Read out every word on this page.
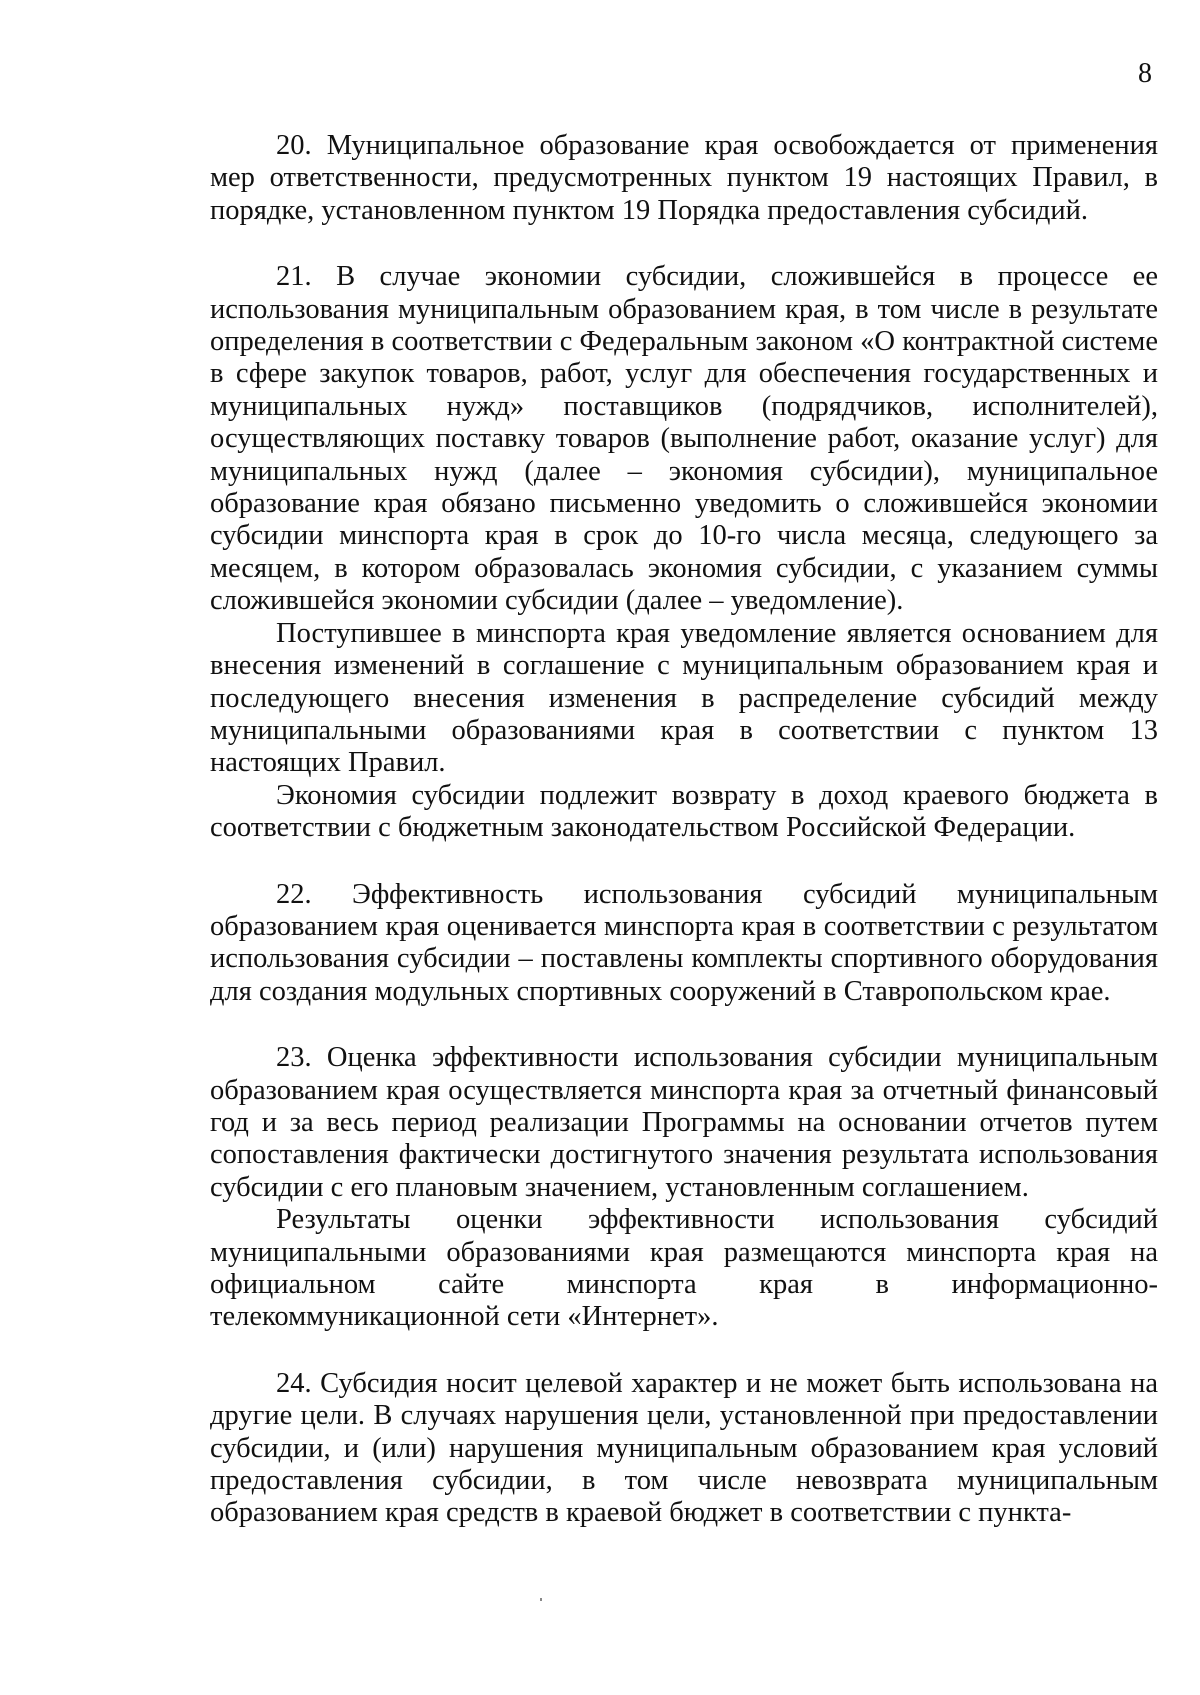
8

20. Муниципальное образование края освобождается от применения мер ответственности, предусмотренных пунктом 19 настоящих Правил, в порядке, установленном пунктом 19 Порядка предоставления субсидий.

21. В случае экономии субсидии, сложившейся в процессе ее использования муниципальным образованием края, в том числе в результате определения в соответствии с Федеральным законом «О контрактной системе в сфере закупок товаров, работ, услуг для обеспечения государственных и муниципальных нужд» поставщиков (подрядчиков, исполнителей), осуществляющих поставку товаров (выполнение работ, оказание услуг) для муниципальных нужд (далее – экономия субсидии), муниципальное образование края обязано письменно уведомить о сложившейся экономии субсидии минспорта края в срок до 10-го числа месяца, следующего за месяцем, в котором образовалась экономия субсидии, с указанием суммы сложившейся экономии субсидии (далее – уведомление).

Поступившее в минспорта края уведомление является основанием для внесения изменений в соглашение с муниципальным образованием края и последующего внесения изменения в распределение субсидий между муниципальными образованиями края в соответствии с пунктом 13 настоящих Правил.

Экономия субсидии подлежит возврату в доход краевого бюджета в соответствии с бюджетным законодательством Российской Федерации.

22. Эффективность использования субсидий муниципальным образованием края оценивается минспорта края в соответствии с результатом использования субсидии – поставлены комплекты спортивного оборудования для создания модульных спортивных сооружений в Ставропольском крае.

23. Оценка эффективности использования субсидии муниципальным образованием края осуществляется минспорта края за отчетный финансовый год и за весь период реализации Программы на основании отчетов путем сопоставления фактически достигнутого значения результата использования субсидии с его плановым значением, установленным соглашением.

Результаты оценки эффективности использования субсидий муниципальными образованиями края размещаются минспорта края на официальном сайте минспорта края в информационно-телекоммуникационной сети «Интернет».

24. Субсидия носит целевой характер и не может быть использована на другие цели. В случаях нарушения цели, установленной при предоставлении субсидии, и (или) нарушения муниципальным образованием края условий предоставления субсидии, в том числе невозврата муниципальным образованием края средств в краевой бюджет в соответствии с пункта-
